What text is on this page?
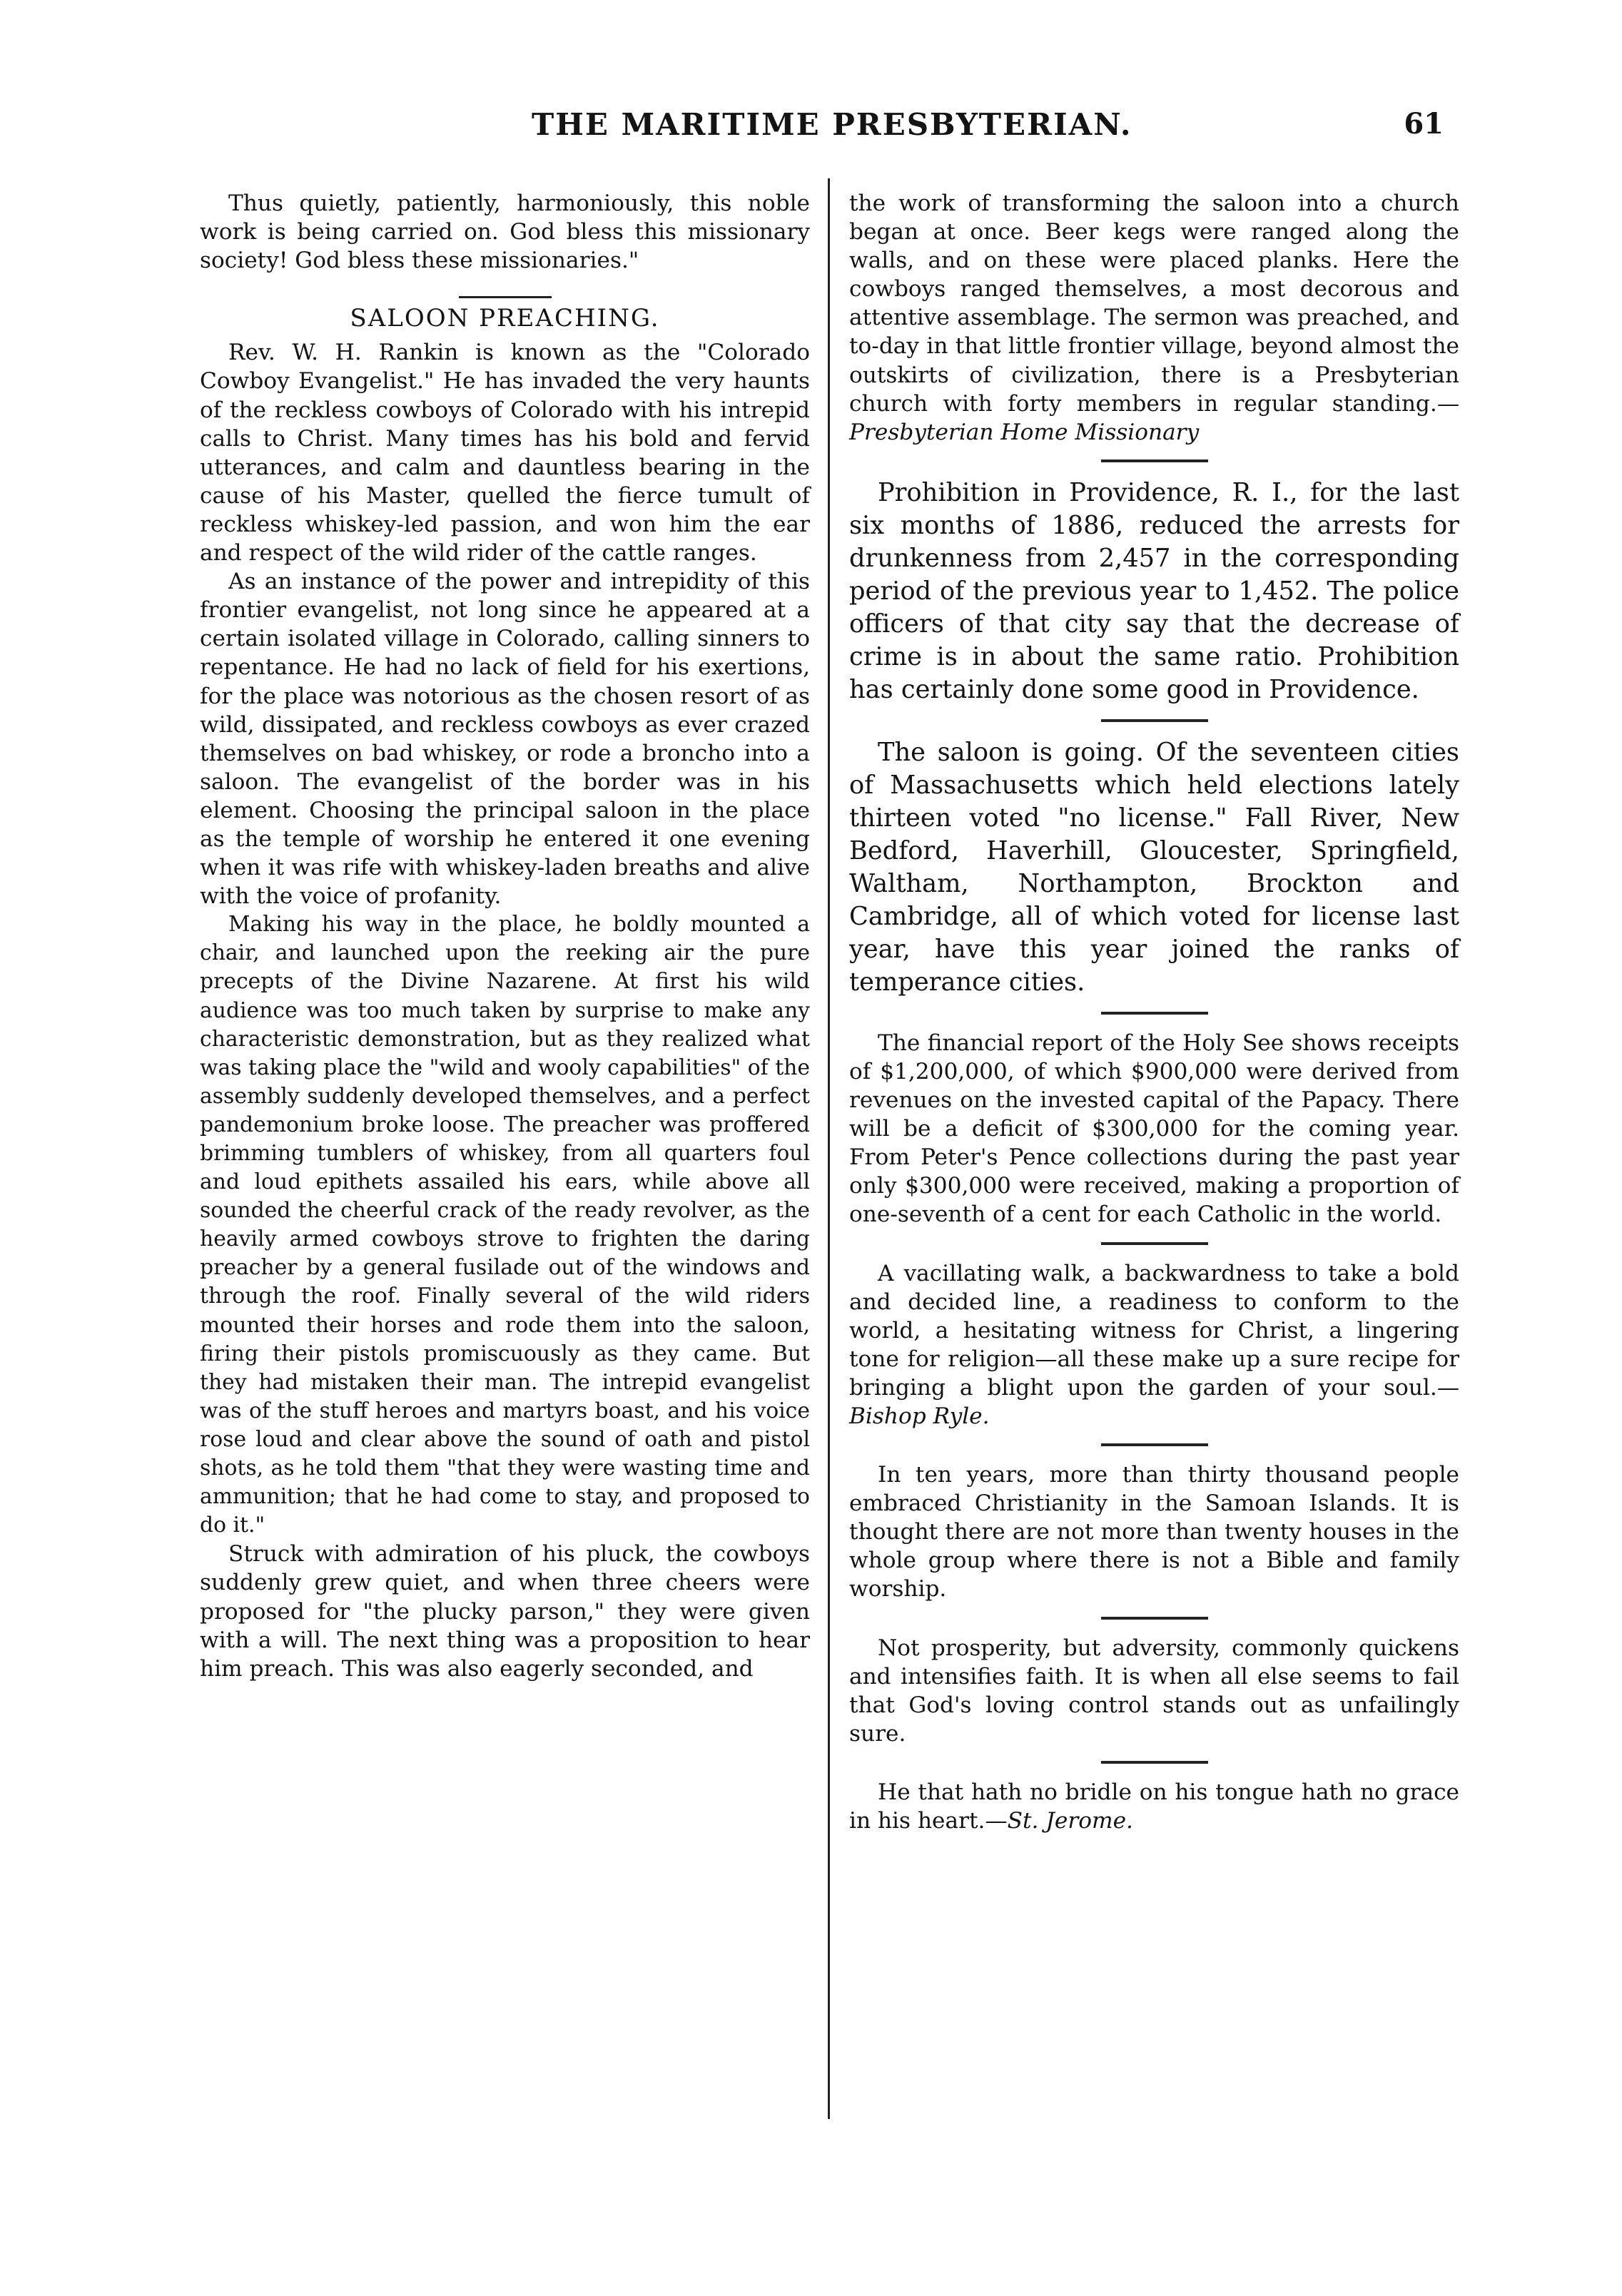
THE MARITIME PRESBYTERIAN.	61

Thus quietly, patiently, harmoniously, this noble work is being carried on. God bless this missionary society! God bless these missionaries."

SALOON PREACHING.

Rev. W. H. Rankin is known as the "Colorado Cowboy Evangelist." He has invaded the very haunts of the reckless cowboys of Colorado with his intrepid calls to Christ. Many times has his bold and fervid utterances, and calm and dauntless bearing in the cause of his Master, quelled the fierce tumult of reckless whiskey-led passion, and won him the ear and respect of the wild rider of the cattle ranges.

As an instance of the power and intrepidity of this frontier evangelist, not long since he appeared at a certain isolated village in Colorado, calling sinners to repentance. He had no lack of field for his exertions, for the place was notorious as the chosen resort of as wild, dissipated, and reckless cowboys as ever crazed themselves on bad whiskey, or rode a broncho into a saloon. The evangelist of the border was in his element. Choosing the principal saloon in the place as the temple of worship he entered it one evening when it was rife with whiskey-laden breaths and alive with the voice of profanity.

Making his way in the place, he boldly mounted a chair, and launched upon the reeking air the pure precepts of the Divine Nazarene. At first his wild audience was too much taken by surprise to make any characteristic demonstration, but as they realized what was taking place the "wild and wooly capabilities" of the assembly suddenly developed themselves, and a perfect pandemonium broke loose. The preacher was proffered brimming tumblers of whiskey, from all quarters foul and loud epithets assailed his ears, while above all sounded the cheerful crack of the ready revolver, as the heavily armed cowboys strove to frighten the daring preacher by a general fusilade out of the windows and through the roof. Finally several of the wild riders mounted their horses and rode them into the saloon, firing their pistols promiscuously as they came. But they had mistaken their man. The intrepid evangelist was of the stuff heroes and martyrs boast, and his voice rose loud and clear above the sound of oath and pistol shots, as he told them "that they were wasting time and ammunition; that he had come to stay, and proposed to do it."

Struck with admiration of his pluck, the cowboys suddenly grew quiet, and when three cheers were proposed for "the plucky parson," they were given with a will. The next thing was a proposition to hear him preach. This was also eagerly seconded, and

the work of transforming the saloon into a church began at once. Beer kegs were ranged along the walls, and on these were placed planks. Here the cowboys ranged themselves, a most decorous and attentive assemblage. The sermon was preached, and to-day in that little frontier village, beyond almost the outskirts of civilization, there is a Presbyterian church with forty members in regular standing.—Presbyterian Home Missionary

Prohibition in Providence, R. I., for the last six months of 1886, reduced the arrests for drunkenness from 2,457 in the corresponding period of the previous year to 1,452. The police officers of that city say that the decrease of crime is in about the same ratio. Prohibition has certainly done some good in Providence.

The saloon is going. Of the seventeen cities of Massachusetts which held elections lately thirteen voted "no license." Fall River, New Bedford, Haverhill, Gloucester, Springfield, Waltham, Northampton, Brockton and Cambridge, all of which voted for license last year, have this year joined the ranks of temperance cities.

The financial report of the Holy See shows receipts of $1,200,000, of which $900,000 were derived from revenues on the invested capital of the Papacy. There will be a deficit of $300,000 for the coming year. From Peter's Pence collections during the past year only $300,000 were received, making a proportion of one-seventh of a cent for each Catholic in the world.

A vacillating walk, a backwardness to take a bold and decided line, a readiness to conform to the world, a hesitating witness for Christ, a lingering tone for religion—all these make up a sure recipe for bringing a blight upon the garden of your soul.—Bishop Ryle.

In ten years, more than thirty thousand people embraced Christianity in the Samoan Islands. It is thought there are not more than twenty houses in the whole group where there is not a Bible and family worship.

Not prosperity, but adversity, commonly quickens and intensifies faith. It is when all else seems to fail that God's loving control stands out as unfailingly sure.

He that hath no bridle on his tongue hath no grace in his heart.—St. Jerome.
